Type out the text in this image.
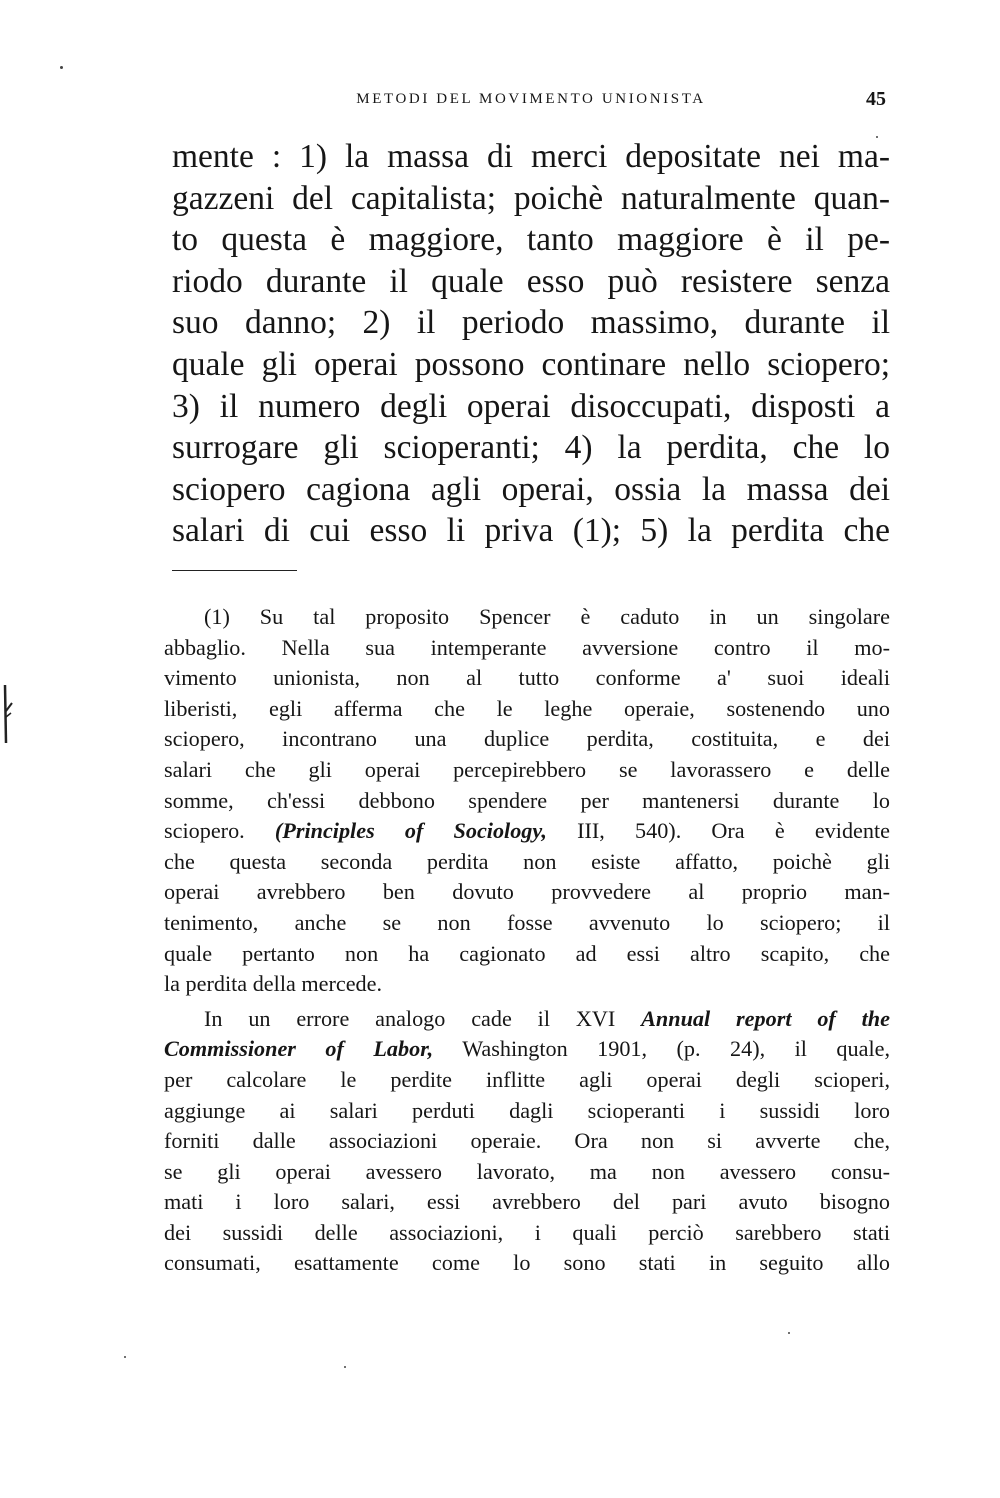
METODI DEL MOVIMENTO UNIONISTA	45
mente : 1) la massa di merci depositate nei ma-
gazzeni del capitalista; poichè naturalmente quan-
to questa è maggiore, tanto maggiore è il pe-
riodo durante il quale esso può resistere senza
suo danno; 2) il periodo massimo, durante il
quale gli operai possono continare nello sciopero;
3) il numero degli operai disoccupati, disposti a
surrogare gli scioperanti; 4) la perdita, che lo
sciopero cagiona agli operai, ossia la massa dei
salari di cui esso li priva (1); 5) la perdita che
(1) Su tal proposito Spencer è caduto in un singolare
abbaglio. Nella sua intemperante avversione contro il mo-
vimento unionista, non al tutto conforme a' suoi ideali
liberisti, egli afferma che le leghe operaie, sostenendo uno
sciopero, incontrano una duplice perdita, costituita, e dei
salari che gli operai percepirebbero se lavorassero e delle
somme, ch'essi debbono spendere per mantenersi durante lo
sciopero. (Principles of Sociology, III, 540). Ora è evidente
che questa seconda perdita non esiste affatto, poichè gli
operai avrebbero ben dovuto provvedere al proprio man-
tenimento, anche se non fosse avvenuto lo sciopero; il
quale pertanto non ha cagionato ad essi altro scapito, che
la perdita della mercede.
In un errore analogo cade il XVI Annual report of the
Commissioner of Labor, Washington 1901, (p. 24), il quale,
per calcolare le perdite inflitte agli operai degli scioperi,
aggiunge ai salari perduti dagli scioperanti i sussidi loro
forniti dalle associazioni operaie. Ora non si avverte che,
se gli operai avessero lavorato, ma non avessero consu-
mati i loro salari, essi avrebbero del pari avuto bisogno
dei sussidi delle associazioni, i quali perciò sarebbero stati
consumati, esattamente come lo sono stati in seguito allo
